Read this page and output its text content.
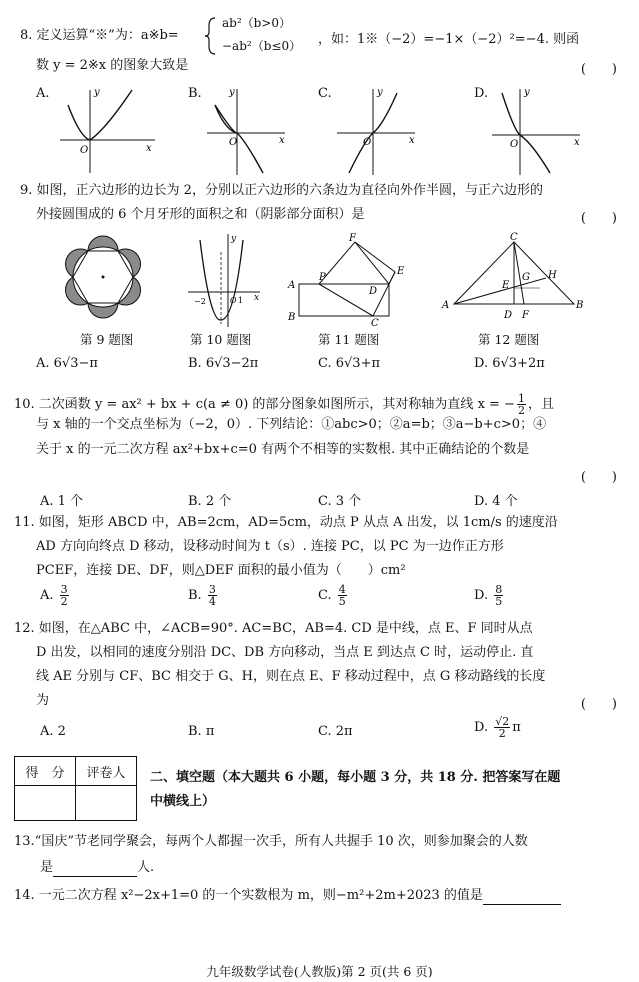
8. 定义运算“※”为：a※b=
ab²（b>0）
−ab²（b≤0） ，如：1※（−2）=−1×（−2）²=−4. 则函
数 y = 2※x 的图象大致是	(　　)
A.
x
y
O
B.
x
y
O
C.
x
y
O
D.
x
y
O
9. 如图，正六边形的边长为 2，分别以正六边形的六条边为直径向外作半圆，与正六边形的
外接圆围成的 6 个月牙形的面积之和（阴影部分面积）是	(　　)
第 9 题图
−2	O 1 x
y
第 10 题图
F
P
E
A
D
B
C
第 11 题图
C
H
G
E
A
D F
B
第 12 题图
A. 6√3−π	B. 6√3−2π	C. 6√3+π	D. 6√3+2π
10. 二次函数 y = ax² + bx + c(a ≠ 0) 的部分图象如图所示，其对称轴为直线 x = − $\frac{1}{2}$ ，且
与 x 轴的一个交点坐标为（−2，0）. 下列结论：①abc>0；②a=b；③a−b+c>0；④
关于 x 的一元二次方程 ax²+bx+c=0 有两个不相等的实数根. 其中正确结论的个数是
(　　)
A. 1 个	B. 2 个	C. 3 个	D. 4 个
11. 如图，矩形 ABCD 中，AB=2cm，AD=5cm，动点 P 从点 A 出发，以 1cm/s 的速度沿
AD 方向向终点 D 移动，设移动时间为 t（s）. 连接 PC，以 PC 为一边作正方形
PCEF，连接 DE、DF，则△DEF 面积的最小值为（　　）cm²
A. $\frac{3}{2}$	B. $\frac{3}{4}$	C. $\frac{4}{5}$	D. $\frac{8}{5}$
12. 如图，在△ABC 中，∠ACB=90°. AC=BC，AB=4. CD 是中线，点 E、F 同时从点
D 出发，以相同的速度分别沿 DC、DB 方向移动，当点 E 到达点 C 时，运动停止. 直
线 AE 分别与 CF、BC 相交于 G、H，则在点 E、F 移动过程中，点 G 移动路线的长度
为	(　　)
A. 2	B. π	C. 2π	D. $\frac{√2}{2}$ π
得　分	评卷人
	二、填空题（本大题共 6 小题，每小题 3 分，共 18 分. 把答案写在题
中横线上）
13.“国庆”节老同学聚会，每两个人都握一次手，所有人共握手 10 次，则参加聚会的人数
是	人.
14. 一元二次方程 x²−2x+1=0 的一个实数根为 m，则−m²+2m+2023 的值是
九年级数学试卷(人教版)第 2 页(共 6 页)
